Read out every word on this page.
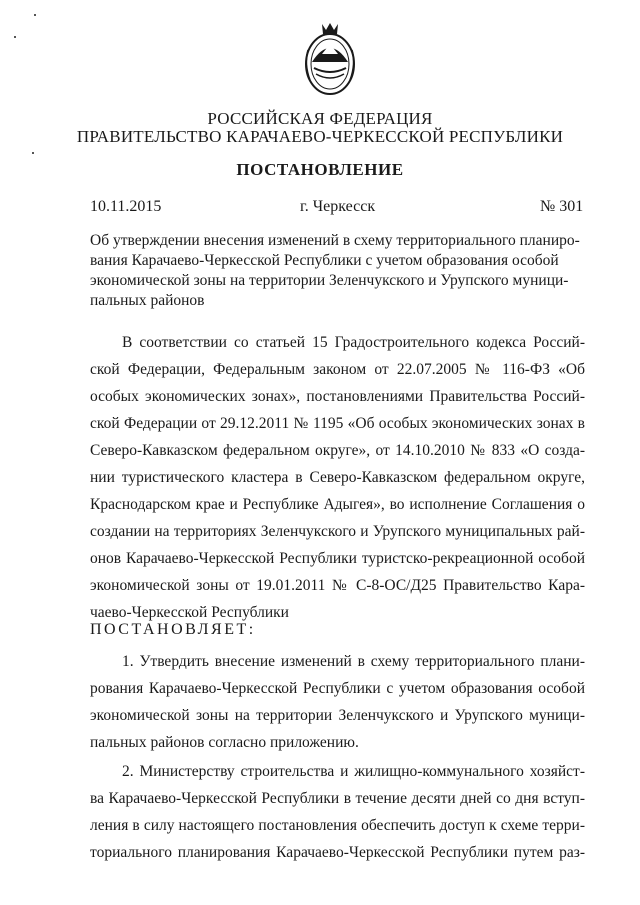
РОССИЙСКАЯ ФЕДЕРАЦИЯ
ПРАВИТЕЛЬСТВО КАРАЧАЕВО-ЧЕРКЕССКОЙ РЕСПУБЛИКИ
ПОСТАНОВЛЕНИЕ
10.11.2015	г. Черкесск	№ 301
Об утверждении внесения изменений в схему территориального планиро-
вания Карачаево-Черкесской Республики с учетом образования особой
экономической зоны на территории Зеленчукского и Урупского муници-
пальных районов
В соответствии со статьей 15 Градостроительного кодекса Россий-
ской Федерации, Федеральным законом от 22.07.2005 № 116-ФЗ «Об
особых экономических зонах», постановлениями Правительства Россий-
ской Федерации от 29.12.2011 № 1195 «Об особых экономических зонах в
Северо-Кавказском федеральном округе», от 14.10.2010 № 833 «О созда-
нии туристического кластера в Северо-Кавказском федеральном округе,
Краснодарском крае и Республике Адыгея», во исполнение Соглашения о
создании на территориях Зеленчукского и Урупского муниципальных рай-
онов Карачаево-Черкесской Республики туристско-рекреационной особой
экономической зоны от 19.01.2011 № С-8-ОС/Д25 Правительство Кара-
чаево-Черкесской Республики
ПОСТАНОВЛЯЕТ:
1. Утвердить внесение изменений в схему территориального плани-
рования Карачаево-Черкесской Республики с учетом образования особой
экономической зоны на территории Зеленчукского и Урупского муници-
пальных районов согласно приложению.
2. Министерству строительства и жилищно-коммунального хозяйст-
ва Карачаево-Черкесской Республики в течение десяти дней со дня вступ-
ления в силу настоящего постановления обеспечить доступ к схеме терри-
ториального планирования Карачаево-Черкесской Республики путем раз-
